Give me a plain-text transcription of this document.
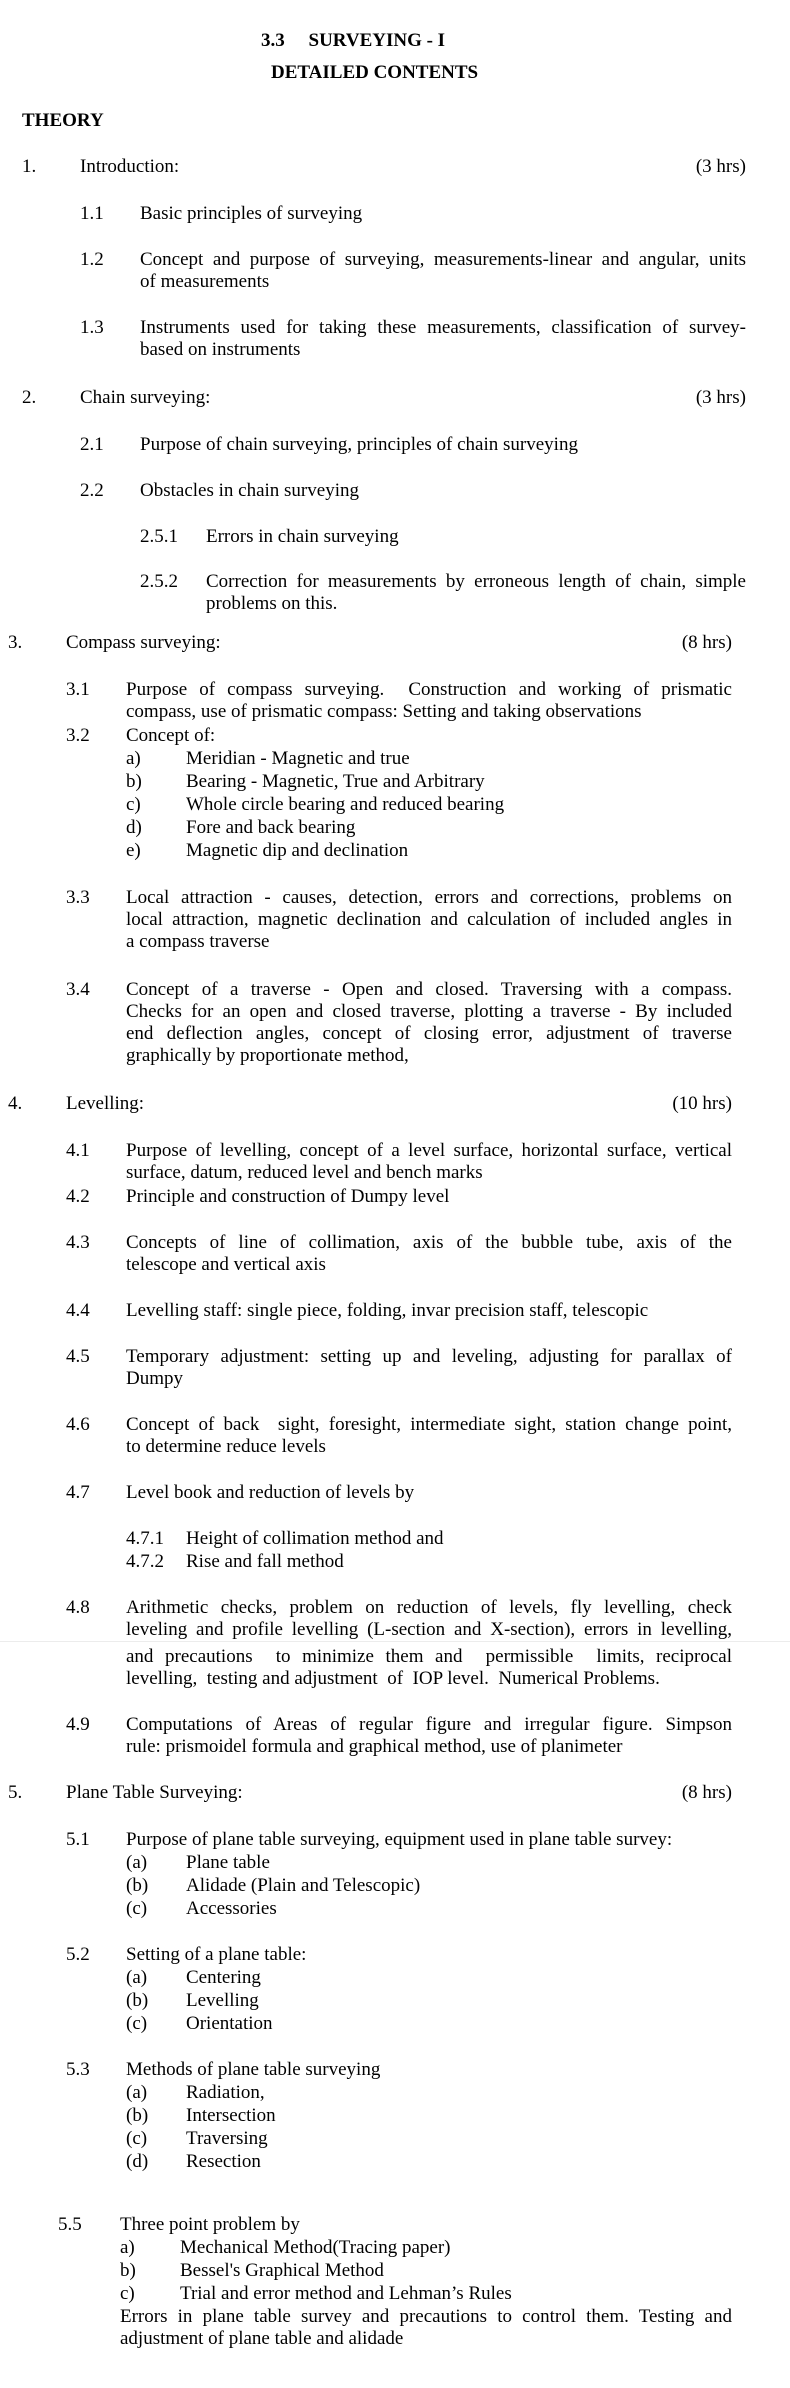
3.3     SURVEYING - I
DETAILED CONTENTS
THEORY
1. Introduction:	(3 hrs)
1.1 Basic principles of surveying
1.2 Concept and purpose of surveying, measurements-linear and angular, units
of measurements
1.3 Instruments used for taking these measurements, classification of survey-
based on instruments
2. Chain surveying:	(3 hrs)
2.1 Purpose of chain surveying, principles of chain surveying
2.2 Obstacles in chain surveying
2.5.1 Errors in chain surveying
2.5.2 Correction for measurements by erroneous length of chain, simple
problems on this.
3. Compass surveying:	(8 hrs)
3.1 Purpose of compass surveying.  Construction and working of prismatic
compass, use of prismatic compass: Setting and taking observations
3.2 Concept of:
a) Meridian - Magnetic and true
b) Bearing - Magnetic, True and Arbitrary
c) Whole circle bearing and reduced bearing
d) Fore and back bearing
e) Magnetic dip and declination
3.3 Local attraction - causes, detection, errors and corrections, problems on
local attraction, magnetic declination and calculation of included angles in
a compass traverse
3.4 Concept of a traverse - Open and closed. Traversing with a compass.
Checks for an open and closed traverse, plotting a traverse - By included
end deflection angles, concept of closing error, adjustment of traverse
graphically by proportionate method,
4. Levelling:	(10 hrs)
4.1 Purpose of levelling, concept of a level surface, horizontal surface, vertical
surface, datum, reduced level and bench marks
4.2 Principle and construction of Dumpy level
4.3 Concepts of line of collimation, axis of the bubble tube, axis of the
telescope and vertical axis
4.4 Levelling staff: single piece, folding, invar precision staff, telescopic
4.5 Temporary adjustment: setting up and leveling, adjusting for parallax of
Dumpy
4.6 Concept of back  sight, foresight, intermediate sight, station change point,
to determine reduce levels
4.7 Level book and reduction of levels by
4.7.1 Height of collimation method and
4.7.2 Rise and fall method
4.8 Arithmetic checks, problem on reduction of levels, fly levelling, check
leveling and profile levelling (L-section and X-section), errors in levelling,
and precautions  to minimize them and  permissible  limits, reciprocal
levelling,  testing and adjustment  of  IOP level.  Numerical Problems.
4.9 Computations of Areas of regular figure and irregular figure. Simpson
rule: prismoidel formula and graphical method, use of planimeter
5. Plane Table Surveying:	(8 hrs)
5.1 Purpose of plane table surveying, equipment used in plane table survey:
(a) Plane table
(b) Alidade (Plain and Telescopic)
(c) Accessories
5.2 Setting of a plane table:
(a) Centering
(b) Levelling
(c) Orientation
5.3 Methods of plane table surveying
(a) Radiation,
(b) Intersection
(c) Traversing
(d) Resection
5.5 Three point problem by
a) Mechanical Method(Tracing paper)
b) Bessel's Graphical Method
c) Trial and error method and Lehman’s Rules
Errors in plane table survey and precautions to control them. Testing and
adjustment of plane table and alidade
